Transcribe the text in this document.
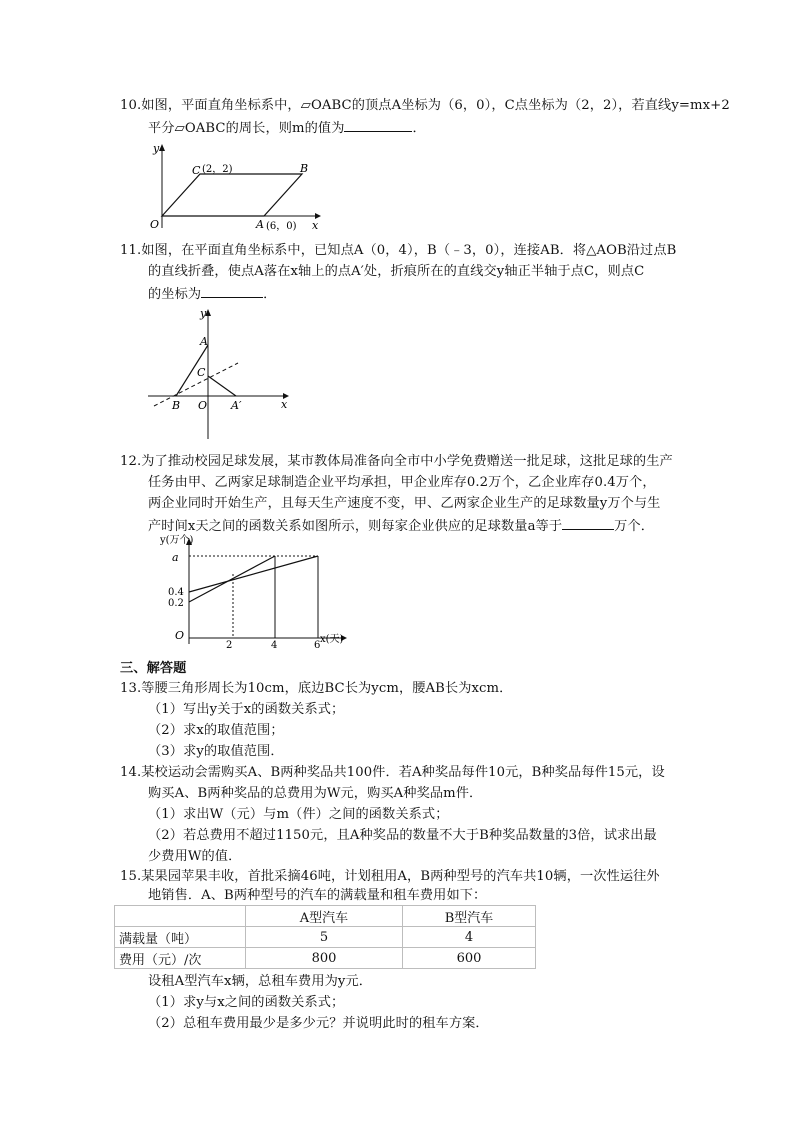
10.如图，平面直角坐标系中，▱OABC的顶点A坐标为（6，0），C点坐标为（2，2），若直线y=mx+2
平分▱OABC的周长，则m的值为	．
y
x
O
C (2，2)	B
A (6，0)
11.如图，在平面直角坐标系中，已知点A（0，4），B（﹣3，0），连接AB．将△AOB沿过点B
的直线折叠，使点A落在x轴上的点A′处，折痕所在的直线交y轴正半轴于点C，则点C
的坐标为	．
y
x
A
C
B O A′
12.为了推动校园足球发展，某市教体局准备向全市中小学免费赠送一批足球，这批足球的生产
任务由甲、乙两家足球制造企业平均承担，甲企业库存0.2万个，乙企业库存0.4万个，
两企业同时开始生产，且每天生产速度不变，甲、乙两家企业生产的足球数量y万个与生
产时间x天之间的函数关系如图所示，则每家企业供应的足球数量a等于	万个．
y(万个)
x(天)
O
a
2	4	6
0.2
0.4
三、解答题
13.等腰三角形周长为10cm，底边BC长为ycm，腰AB长为xcm．
（1）写出y关于x的函数关系式；
（2）求x的取值范围；
（3）求y的取值范围．
14.某校运动会需购买A、B两种奖品共100件．若A种奖品每件10元，B种奖品每件15元，设
购买A、B两种奖品的总费用为W元，购买A种奖品m件．
（1）求出W（元）与m（件）之间的函数关系式；
（2）若总费用不超过1150元，且A种奖品的数量不大于B种奖品数量的3倍，试求出最
少费用W的值．
15.某果园苹果丰收，首批采摘46吨，计划租用A，B两种型号的汽车共10辆，一次性运往外
地销售．A、B两种型号的汽车的满载量和租车费用如下：
	A型汽车	B型汽车
满载量（吨）	5	4
费用（元）/次	800	600
设租A型汽车x辆，总租车费用为y元．
（1）求y与x之间的函数关系式；
（2）总租车费用最少是多少元？并说明此时的租车方案．
